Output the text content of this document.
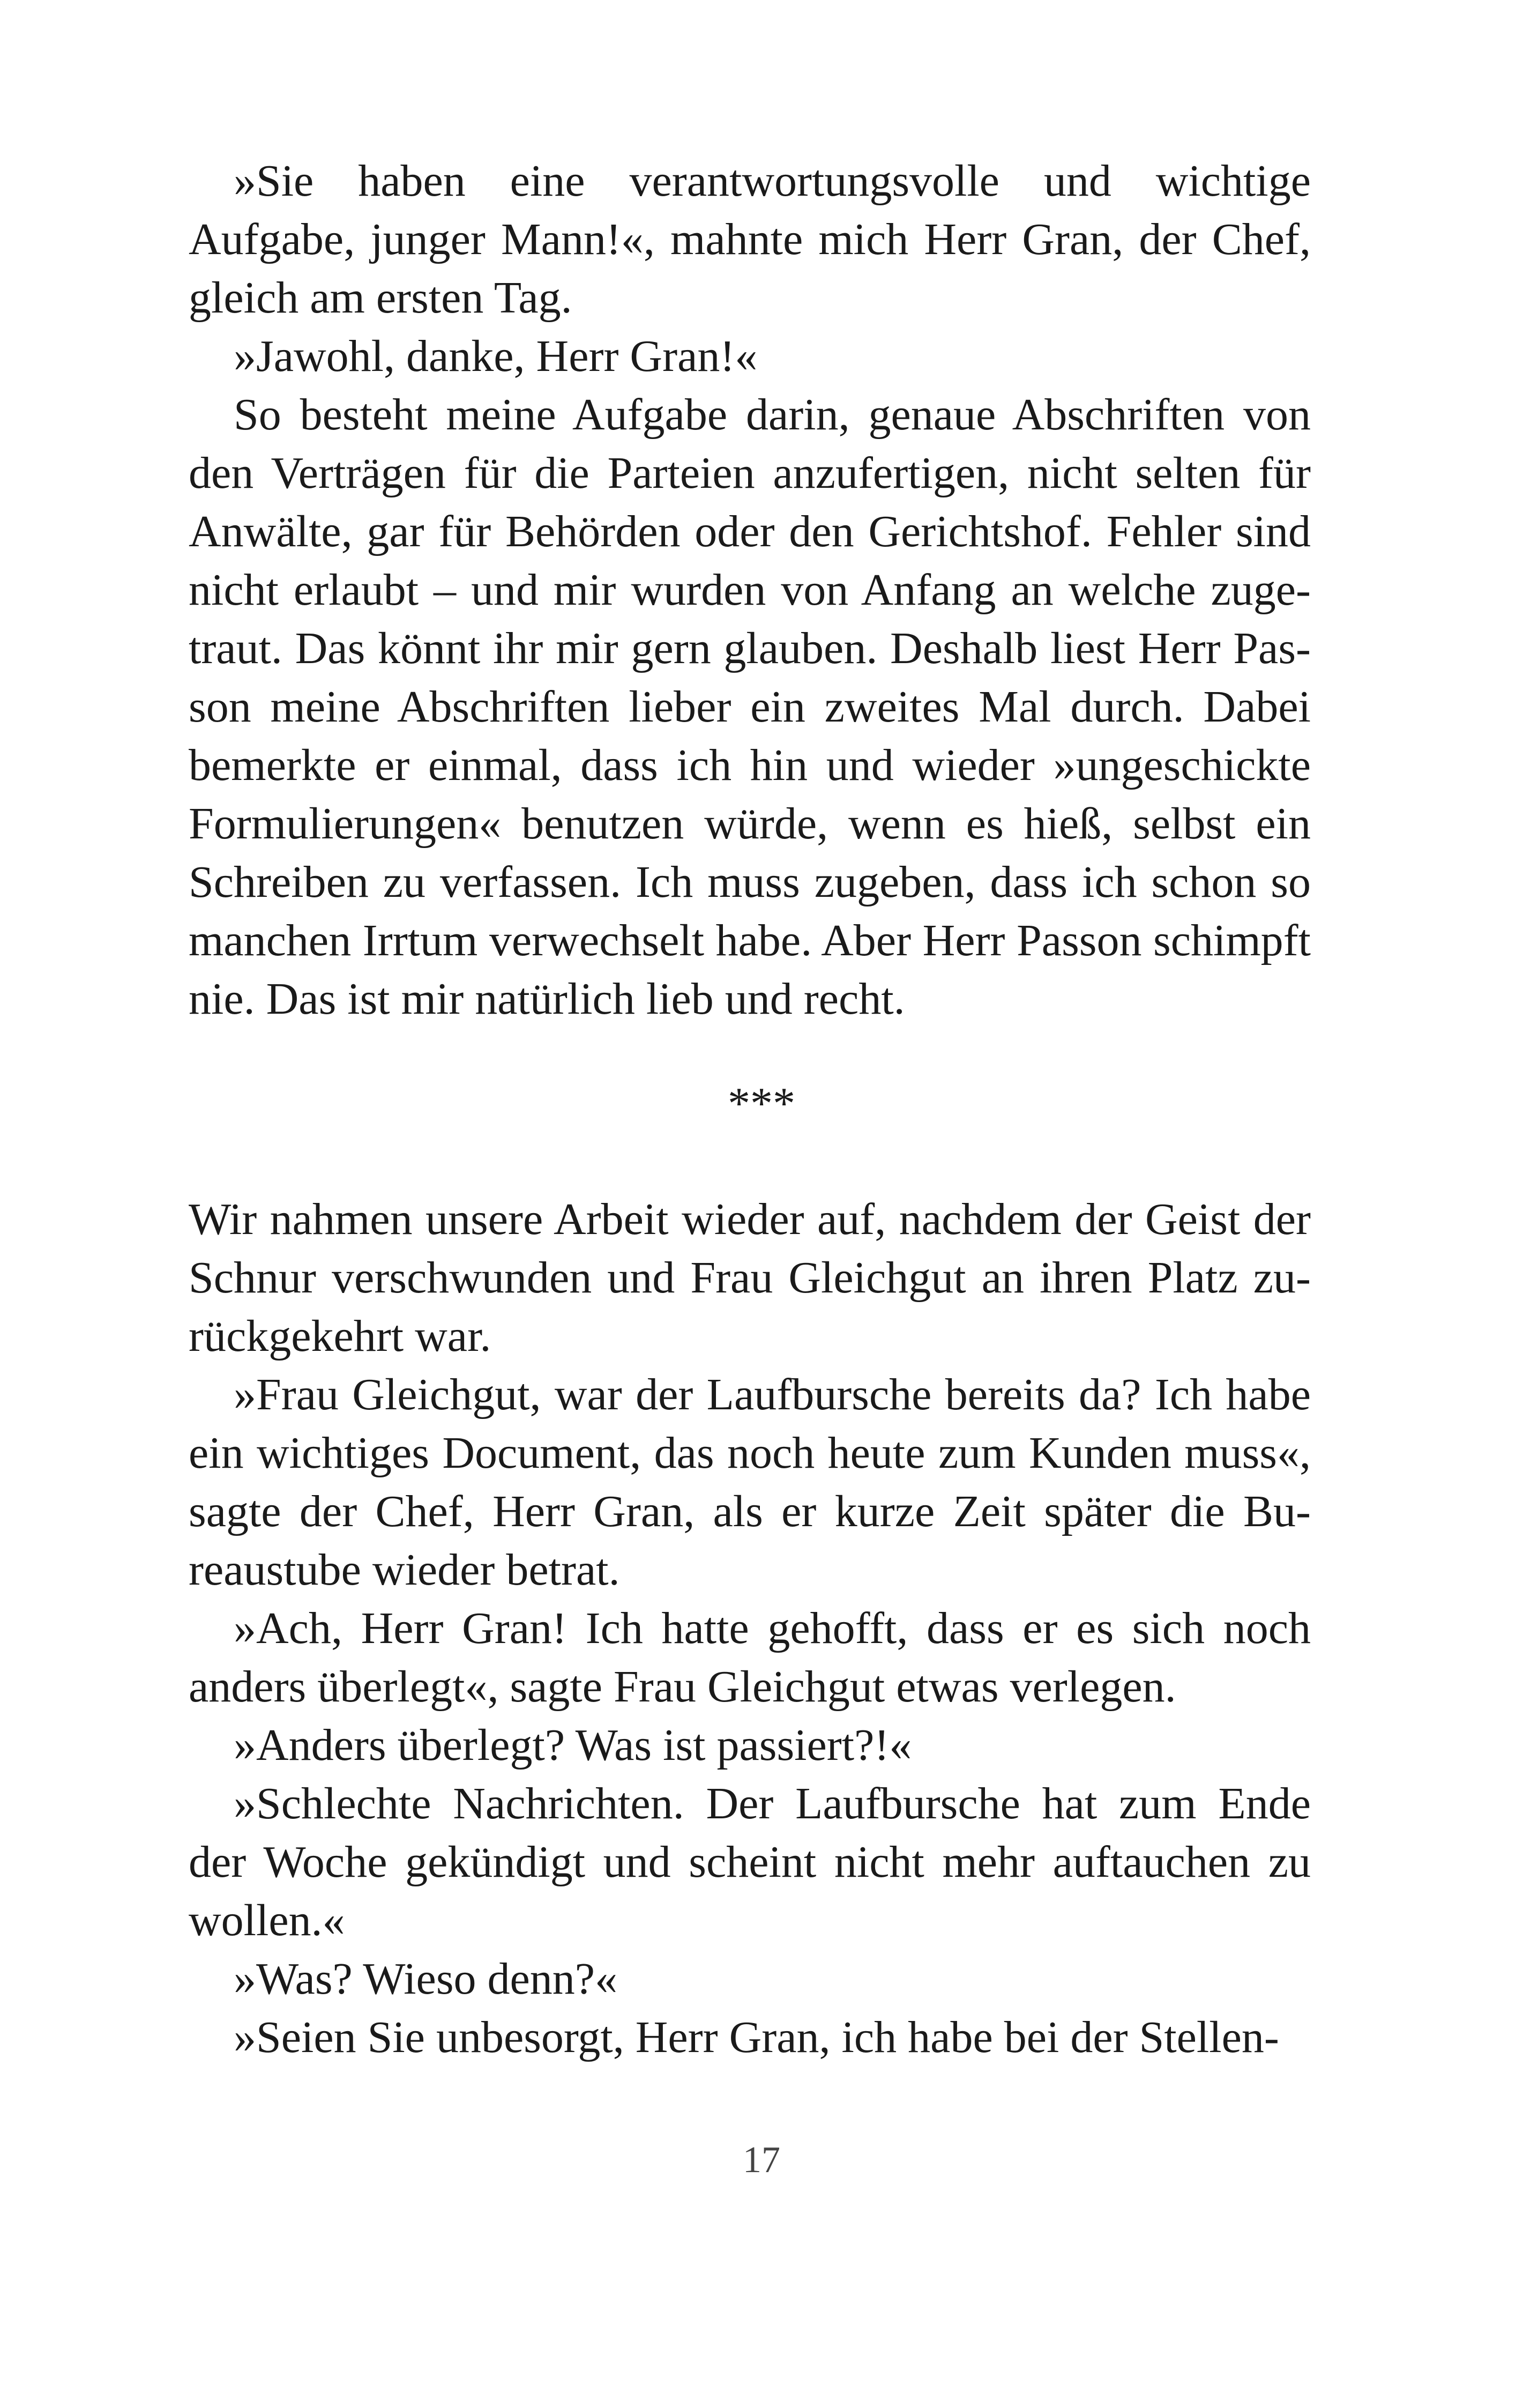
»Sie haben eine verantwortungsvolle und wichtige Aufgabe, junger Mann!«, mahnte mich Herr Gran, der Chef, gleich am ersten Tag.

»Jawohl, danke, Herr Gran!«

So besteht meine Aufgabe darin, genaue Abschriften von den Verträgen für die Parteien anzufertigen, nicht selten für Anwälte, gar für Behörden oder den Gerichtshof. Fehler sind nicht erlaubt – und mir wurden von Anfang an welche zugetraut. Das könnt ihr mir gern glauben. Deshalb liest Herr Passon meine Abschriften lieber ein zweites Mal durch. Dabei bemerkte er einmal, dass ich hin und wieder »ungeschickte Formulierungen« benutzen würde, wenn es hieß, selbst ein Schreiben zu verfassen. Ich muss zugeben, dass ich schon so manchen Irrtum verwechselt habe. Aber Herr Passon schimpft nie. Das ist mir natürlich lieb und recht.

***

Wir nahmen unsere Arbeit wieder auf, nachdem der Geist der Schnur verschwunden und Frau Gleichgut an ihren Platz zurückgekehrt war.

»Frau Gleichgut, war der Laufbursche bereits da? Ich habe ein wichtiges Document, das noch heute zum Kunden muss«, sagte der Chef, Herr Gran, als er kurze Zeit später die Bureaustube wieder betrat.

»Ach, Herr Gran! Ich hatte gehofft, dass er es sich noch anders überlegt«, sagte Frau Gleichgut etwas verlegen.

»Anders überlegt? Was ist passiert?!«

»Schlechte Nachrichten. Der Laufbursche hat zum Ende der Woche gekündigt und scheint nicht mehr auftauchen zu wollen.«

»Was? Wieso denn?«

»Seien Sie unbesorgt, Herr Gran, ich habe bei der Stellen-

17
